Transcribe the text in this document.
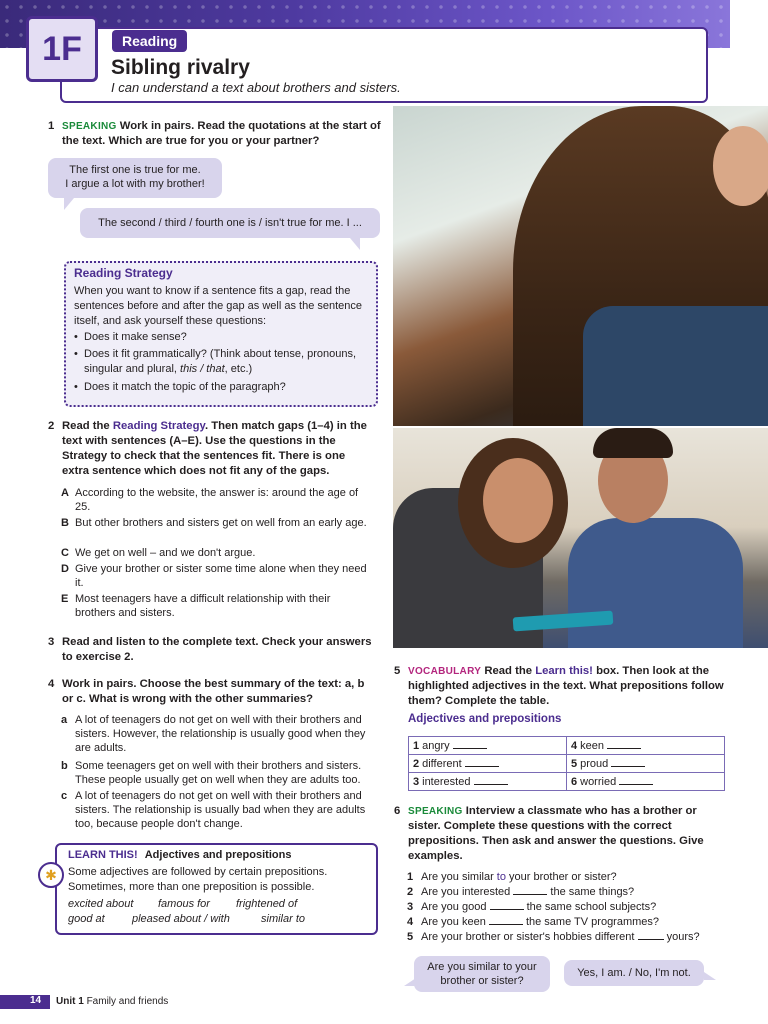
1F	Reading
Sibling rivalry
I can understand a text about brothers and sisters.
1 SPEAKING Work in pairs. Read the quotations at the start of the text. Which are true for you or your partner?
The first one is true for me.
I argue a lot with my brother!
The second / third / fourth one is / isn't true for me. I ...
Reading Strategy
When you want to know if a sentence fits a gap, read the sentences before and after the gap as well as the sentence itself, and ask yourself these questions:
• Does it make sense?
• Does it fit grammatically? (Think about tense, pronouns, singular and plural, this / that, etc.)
• Does it match the topic of the paragraph?
2 Read the Reading Strategy. Then match gaps (1–4) in the text with sentences (A–E). Use the questions in the Strategy to check that the sentences fit. There is one extra sentence which does not fit any of the gaps.
A According to the website, the answer is: around the age of 25.
B But other brothers and sisters get on well from an early age.
C We get on well – and we don't argue.
D Give your brother or sister some time alone when they need it.
E Most teenagers have a difficult relationship with their brothers and sisters.
3 Read and listen to the complete text. Check your answers to exercise 2.
4 Work in pairs. Choose the best summary of the text: a, b or c. What is wrong with the other summaries?
a A lot of teenagers do not get on well with their brothers and sisters. However, the relationship is usually good when they are adults.
b Some teenagers get on well with their brothers and sisters. These people usually get on well when they are adults too.
c A lot of teenagers do not get on well with their brothers and sisters. The relationship is usually bad when they are adults too, because people don't change.
✱
LEARN THIS! Adjectives and prepositions
Some adjectives are followed by certain prepositions.
Sometimes, more than one preposition is possible.
excited about famous for frightened of
good at pleased about / with	similar to
5 VOCABULARY Read the Learn this! box. Then look at the highlighted adjectives in the text. What prepositions follow them? Complete the table.
Adjectives and prepositions
1 angry	4 keen
2 different	5 proud
3 interested	6 worried
6 SPEAKING Interview a classmate who has a brother or sister. Complete these questions with the correct prepositions. Then ask and answer the questions. Give examples.
1 Are you similar to your brother or sister?
2 Are you interested	the same things?
3 Are you good	the same school subjects?
4 Are you keen	the same TV programmes?
5 Are your brother or sister's hobbies different	yours?
Are you similar to your
brother or sister?
Yes, I am. / No, I'm not.
14 Unit 1 Family and friends
